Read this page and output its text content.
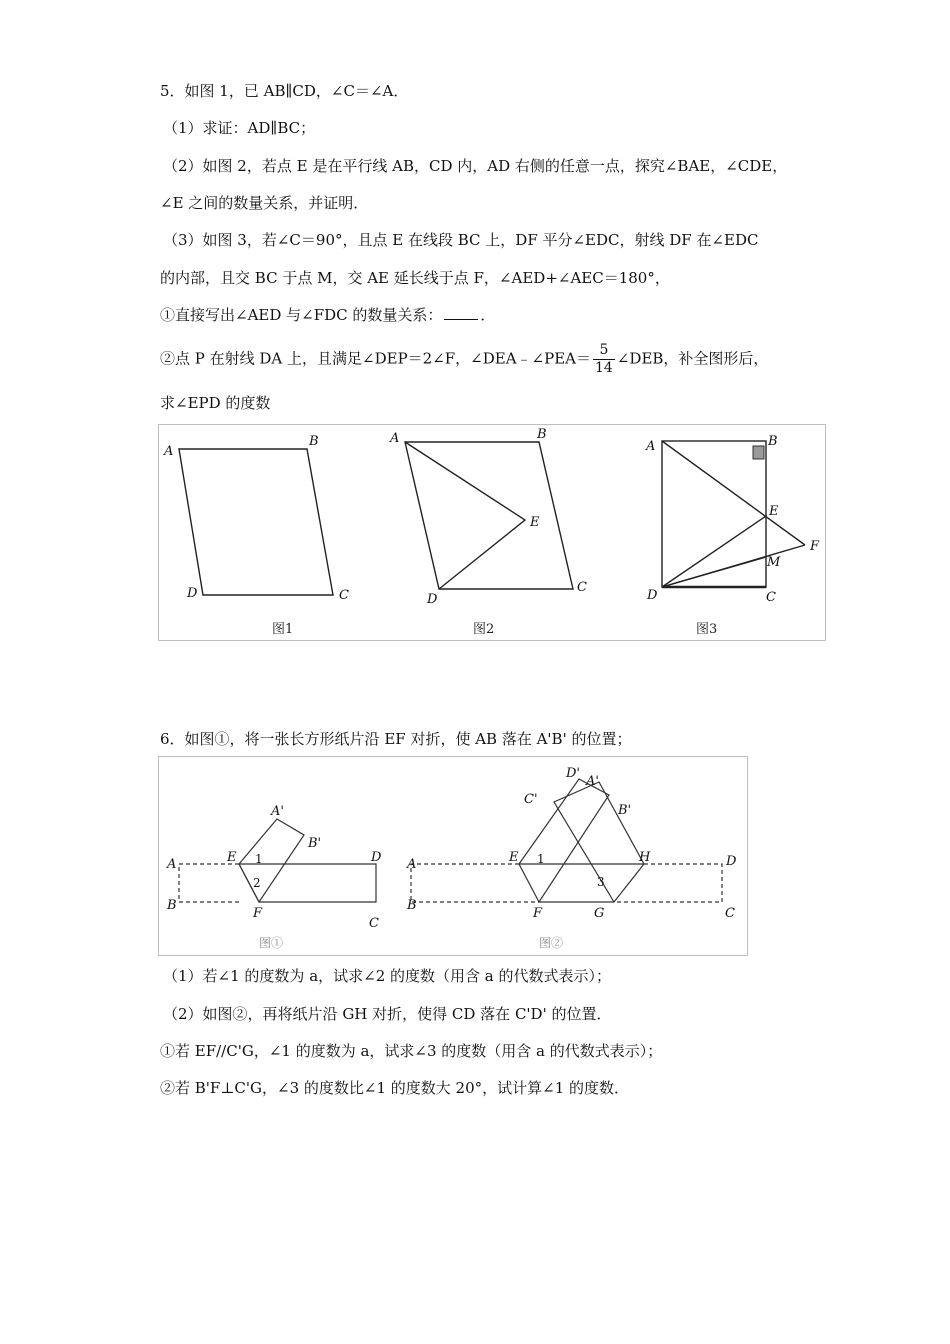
5．如图 1，已 AB∥CD，∠C＝∠A．
（1）求证：AD∥BC；
（2）如图 2，若点 E 是在平行线 AB，CD 内，AD 右侧的任意一点，探究∠BAE，∠CDE，
∠E 之间的数量关系，并证明．
（3）如图 3，若∠C＝90°，且点 E 在线段 BC 上，DF 平分∠EDC，射线 DF 在∠EDC
的内部，且交 BC 于点 M，交 AE 延长线于点 F，∠AED+∠AEC＝180°，
①直接写出∠AED 与∠FDC 的数量关系：	．
②点 P 在射线 DA 上，且满足∠DEP＝2∠F，∠DEA﹣∠PEA＝ $\frac{5}{14}$ ∠DEB，补全图形后，
求∠EPD 的度数
A
B
C
D
A	B
C
D
E
A	B
C
D
E
F
M
图1	图2	图3
6．如图①，将一张长方形纸片沿 EF 对折，使 AB 落在 A'B' 的位置；
A
B
C
D
E
F
A'
B'
A
B
C
D
E
F	G
H
A'
B'
C'
D'
1
2
1
3
图①	图②
（1）若∠1 的度数为 a，试求∠2 的度数（用含 a 的代数式表示）；
（2）如图②，再将纸片沿 GH 对折，使得 CD 落在 C'D' 的位置．
①若 EF//C'G，∠1 的度数为 a，试求∠3 的度数（用含 a 的代数式表示）；
②若 B'F⊥C'G，∠3 的度数比∠1 的度数大 20°，试计算∠1 的度数．
